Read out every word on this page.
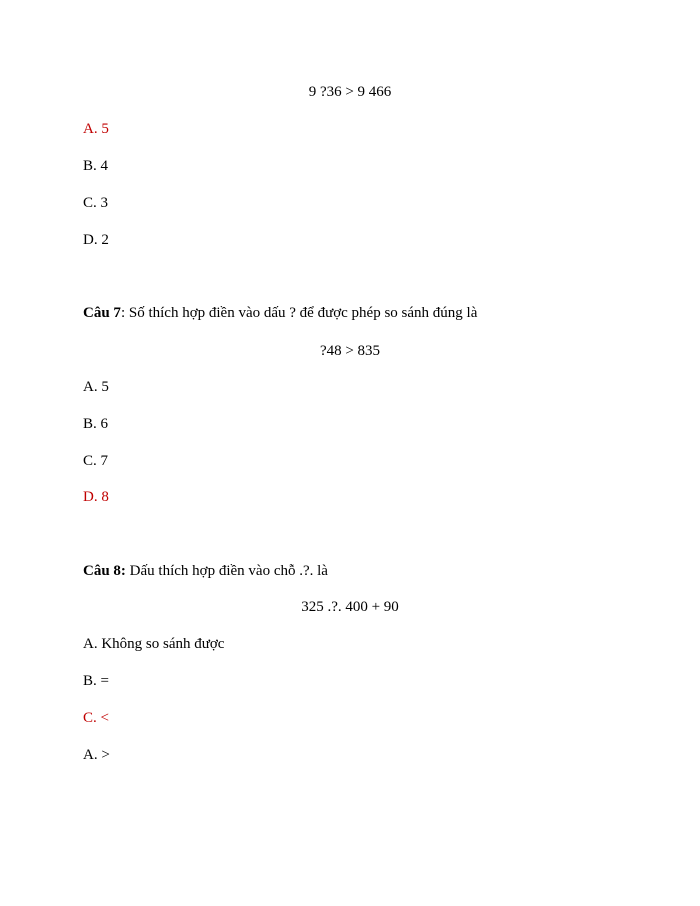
9 ?36 > 9 466
A. 5
B. 4
C. 3
D. 2
Câu 7: Số thích hợp điền vào dấu ? để được phép so sánh đúng là
?48 > 835
A. 5
B. 6
C. 7
D. 8
Câu 8: Dấu thích hợp điền vào chỗ .?. là
325 .?. 400 + 90
A. Không so sánh được
B. =
C. <
A. >
